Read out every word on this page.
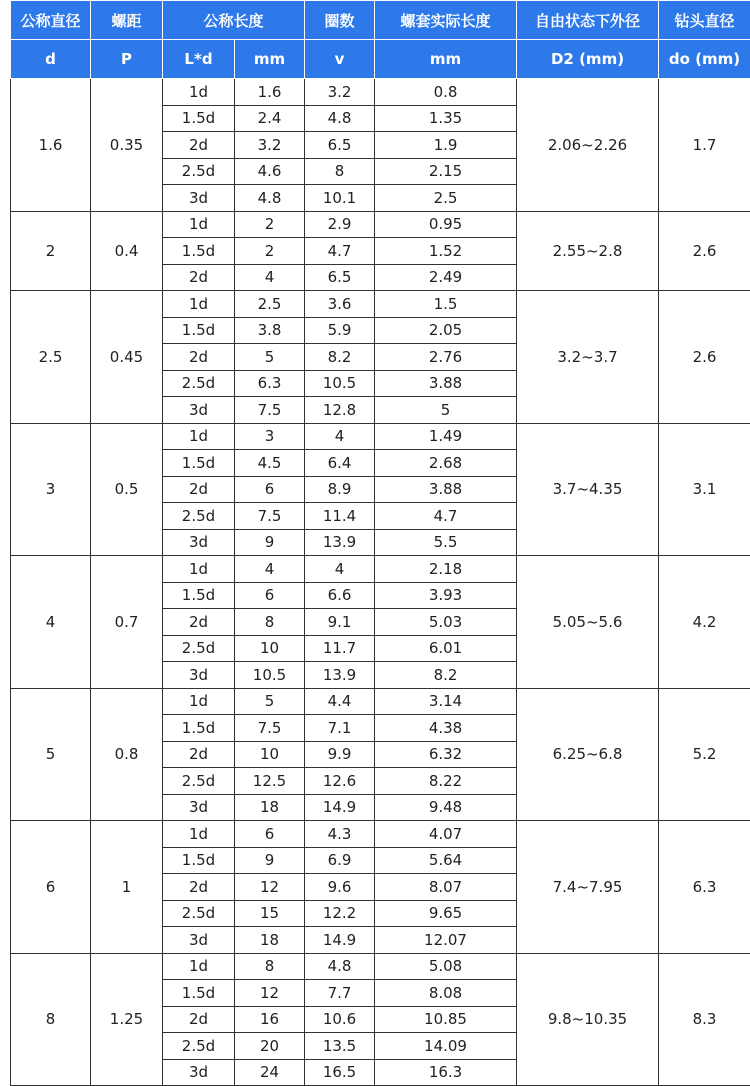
公称直径	螺距	公称长度		圈数	螺套实际长度	自由状态下外径	钻头直径
d	P	L*d	mm	v	mm	D2 (mm)	do (mm)
1.6	0.35	1d	1.6	3.2	0.8	2.06~2.26	1.7
		1.5d	2.4	4.8	1.35		
		2d	3.2	6.5	1.9		
		2.5d	4.6	8	2.15		
		3d	4.8	10.1	2.5		
2	0.4	1d	2	2.9	0.95	2.55~2.8	2.6
		1.5d	2	4.7	1.52		
		2d	4	6.5	2.49		
2.5	0.45	1d	2.5	3.6	1.5	3.2~3.7	2.6
		1.5d	3.8	5.9	2.05		
		2d	5	8.2	2.76		
		2.5d	6.3	10.5	3.88		
		3d	7.5	12.8	5		
3	0.5	1d	3	4	1.49	3.7~4.35	3.1
		1.5d	4.5	6.4	2.68		
		2d	6	8.9	3.88		
		2.5d	7.5	11.4	4.7		
		3d	9	13.9	5.5		
4	0.7	1d	4	4	2.18	5.05~5.6	4.2
		1.5d	6	6.6	3.93		
		2d	8	9.1	5.03		
		2.5d	10	11.7	6.01		
		3d	10.5	13.9	8.2		
5	0.8	1d	5	4.4	3.14	6.25~6.8	5.2
		1.5d	7.5	7.1	4.38		
		2d	10	9.9	6.32		
		2.5d	12.5	12.6	8.22		
		3d	18	14.9	9.48		
6	1	1d	6	4.3	4.07	7.4~7.95	6.3
		1.5d	9	6.9	5.64		
		2d	12	9.6	8.07		
		2.5d	15	12.2	9.65		
		3d	18	14.9	12.07		
8	1.25	1d	8	4.8	5.08	9.8~10.35	8.3
		1.5d	12	7.7	8.08		
		2d	16	10.6	10.85		
		2.5d	20	13.5	14.09		
		3d	24	16.5	16.3		
